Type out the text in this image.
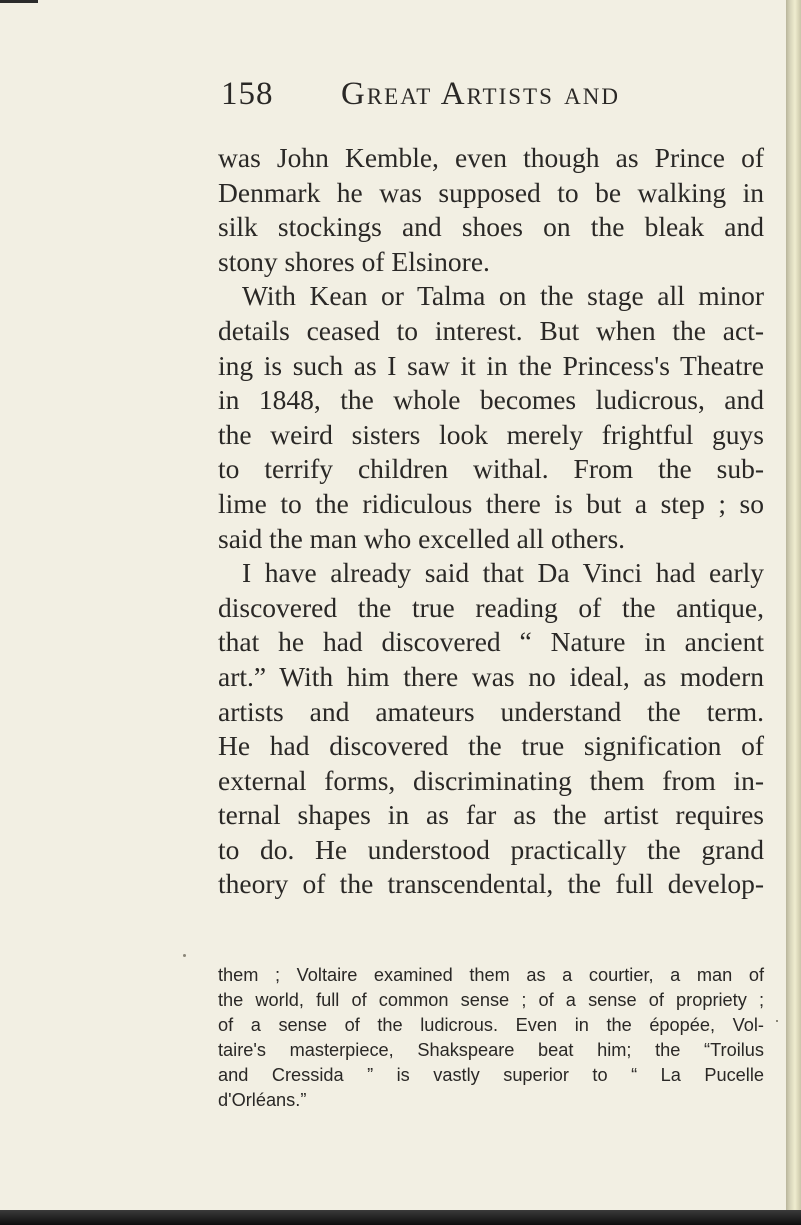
158 Great Artists and
was John Kemble, even though as Prince of
Denmark he was supposed to be walking in
silk stockings and shoes on the bleak and
stony shores of Elsinore.
With Kean or Talma on the stage all minor
details ceased to interest. But when the act-
ing is such as I saw it in the Princess's Theatre
in 1848, the whole becomes ludicrous, and
the weird sisters look merely frightful guys
to terrify children withal. From the sub-
lime to the ridiculous there is but a step ; so
said the man who excelled all others.
I have already said that Da Vinci had early
discovered the true reading of the antique,
that he had discovered “ Nature in ancient
art.” With him there was no ideal, as modern
artists and amateurs understand the term.
He had discovered the true signification of
external forms, discriminating them from in-
ternal shapes in as far as the artist requires
to do. He understood practically the grand
theory of the transcendental, the full develop-
them ; Voltaire examined them as a courtier, a man of
the world, full of common sense ; of a sense of propriety ;
of a sense of the ludicrous. Even in the épopée, Vol-
taire's masterpiece, Shakspeare beat him; the “Troilus
and Cressida ” is vastly superior to “ La Pucelle
d'Orléans.”
